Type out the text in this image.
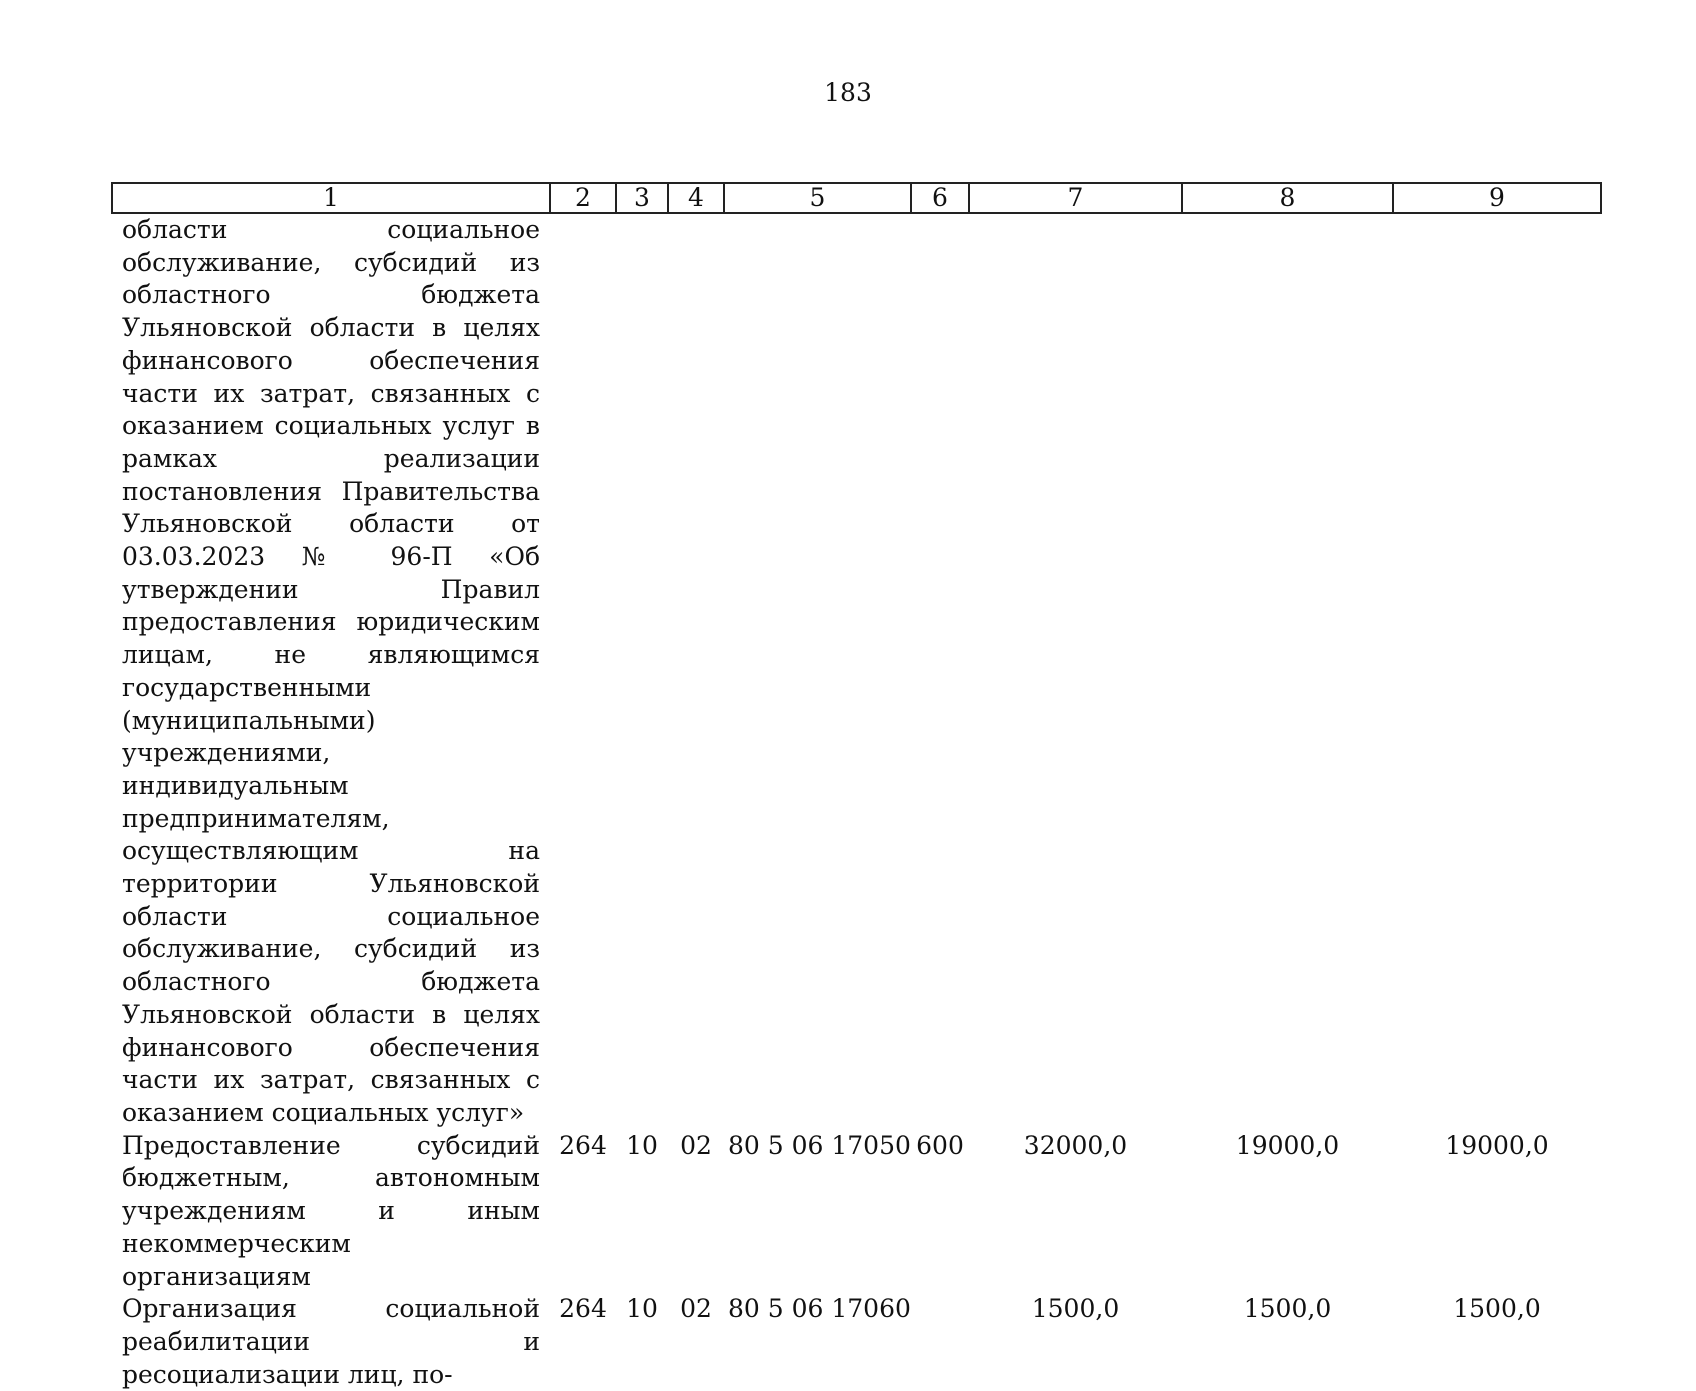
183
1	2	3	4	5	6	7	8	9
области социальное обслуживание, субсидий из областного бюджета Ульяновской области в целях финансового обеспечения части их затрат, связанных с оказанием социальных услуг в рамках реализации постановления Правительства Ульяновской области от 03.03.2023 № 96-П «Об утверждении Правил предоставления юридическим лицам, не являющимся государственными (муниципальными) учреждениями, индивидуальным предпринимателям, осуществляющим на территории Ульяновской области социальное обслуживание, субсидий из областного бюджета Ульяновской области в целях финансового обеспечения части их затрат, связанных с оказанием социальных услуг»								
Предоставление субсидий бюджетным, автономным учреждениям и иным некоммерческим организациям	264	10	02	80 5 06 17050	600	32000,0	19000,0	19000,0
Организация социальной реабилитации и ресоциализации лиц, по-	264	10	02	80 5 06 17060		1500,0	1500,0	1500,0
